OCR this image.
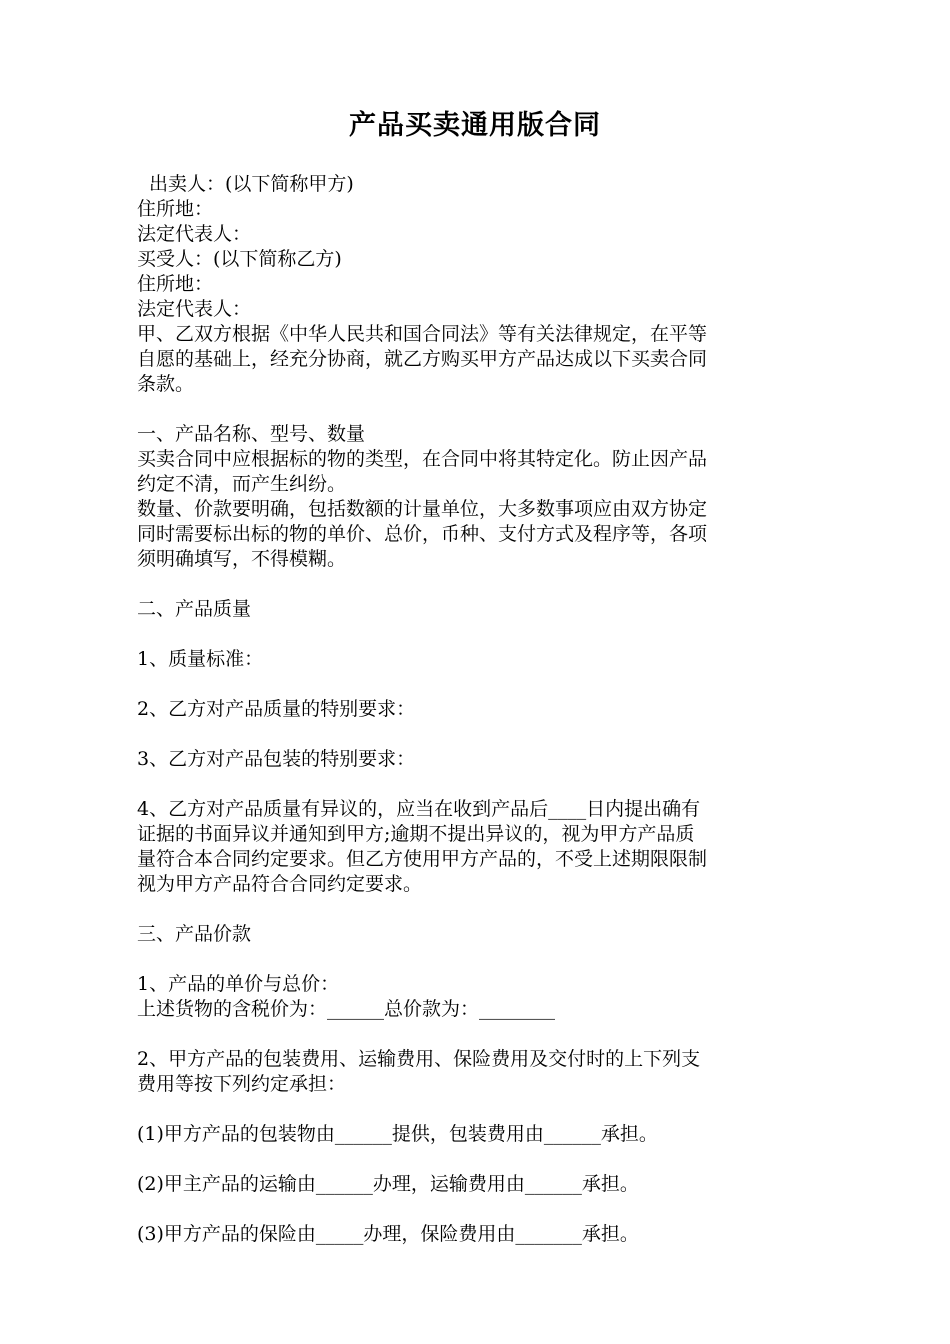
产品买卖通用版合同
出卖人：(以下简称甲方)
住所地：
法定代表人：
买受人：(以下简称乙方)
住所地：
法定代表人：
甲、乙双方根据《中华人民共和国合同法》等有关法律规定，在平等
自愿的基础上，经充分协商，就乙方购买甲方产品达成以下买卖合同
条款。
一、产品名称、型号、数量
买卖合同中应根据标的物的类型，在合同中将其特定化。防止因产品
约定不清，而产生纠纷。
数量、价款要明确，包括数额的计量单位，大多数事项应由双方协定
同时需要标出标的物的单价、总价，币种、支付方式及程序等，各项
须明确填写，不得模糊。
二、产品质量
1、质量标准：
2、乙方对产品质量的特别要求：
3、乙方对产品包装的特别要求：
4、乙方对产品质量有异议的，应当在收到产品后____日内提出确有
证据的书面异议并通知到甲方;逾期不提出异议的，视为甲方产品质
量符合本合同约定要求。但乙方使用甲方产品的，不受上述期限限制
视为甲方产品符合合同约定要求。
三、产品价款
1、产品的单价与总价：
上述货物的含税价为：______总价款为：________
2、甲方产品的包装费用、运输费用、保险费用及交付时的上下列支
费用等按下列约定承担：
(1)甲方产品的包装物由______提供，包装费用由______承担。
(2)甲主产品的运输由______办理，运输费用由______承担。
(3)甲方产品的保险由_____办理，保险费用由_______承担。
